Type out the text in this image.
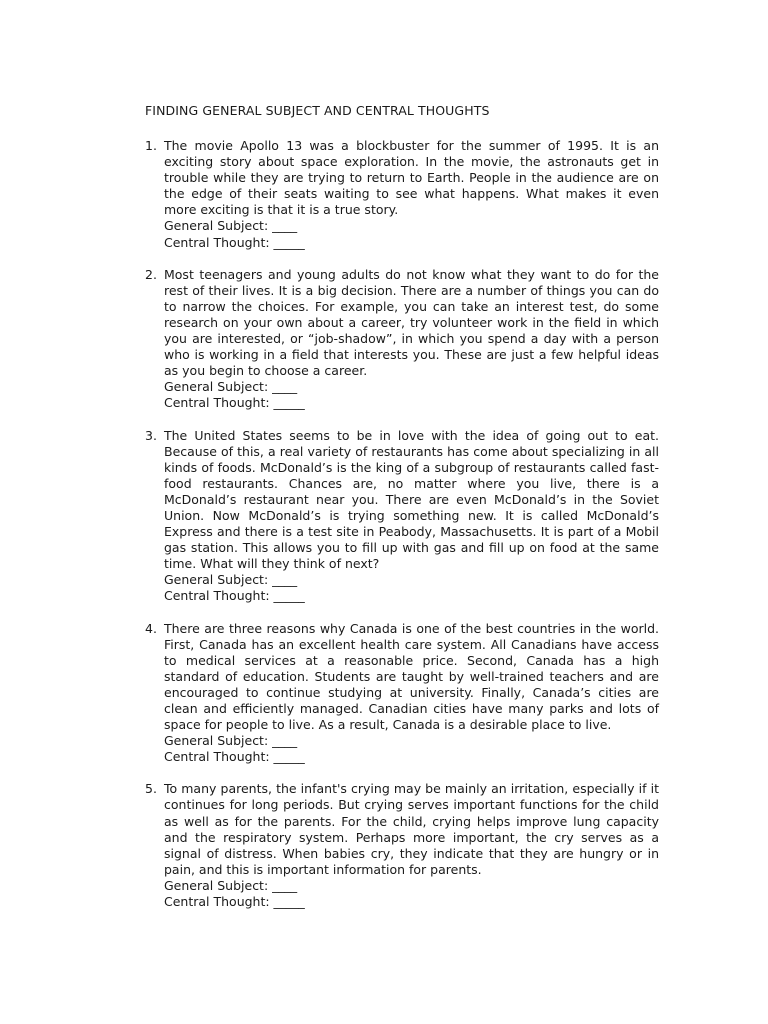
FINDING GENERAL SUBJECT AND CENTRAL THOUGHTS
1. The movie Apollo 13 was a blockbuster for the summer of 1995. It is an exciting story about space exploration. In the movie, the astronauts get in trouble while they are trying to return to Earth. People in the audience are on the edge of their seats waiting to see what happens. What makes it even more exciting is that it is a true story.

General Subject: ____

Central Thought: _____

2. Most teenagers and young adults do not know what they want to do for the rest of their lives. It is a big decision. There are a number of things you can do to narrow the choices. For example, you can take an interest test, do some research on your own about a career, try volunteer work in the field in which you are interested, or “job-shadow”, in which you spend a day with a person who is working in a field that interests you. These are just a few helpful ideas as you begin to choose a career.

General Subject: ____

Central Thought: _____

3. The United States seems to be in love with the idea of going out to eat. Because of this, a real variety of restaurants has come about specializing in all kinds of foods. McDonald’s is the king of a subgroup of restaurants called fast-food restaurants. Chances are, no matter where you live, there is a McDonald’s restaurant near you. There are even McDonald’s in the Soviet Union. Now McDonald’s is trying something new. It is called McDonald’s Express and there is a test site in Peabody, Massachusetts. It is part of a Mobil gas station. This allows you to fill up with gas and fill up on food at the same time. What will they think of next?

General Subject: ____

Central Thought: _____

4. There are three reasons why Canada is one of the best countries in the world. First, Canada has an excellent health care system. All Canadians have access to medical services at a reasonable price. Second, Canada has a high standard of education. Students are taught by well-trained teachers and are encouraged to continue studying at university. Finally, Canada’s cities are clean and efficiently managed. Canadian cities have many parks and lots of space for people to live. As a result, Canada is a desirable place to live.

General Subject: ____

Central Thought: _____

5. To many parents, the infant's crying may be mainly an irritation, especially if it continues for long periods. But crying serves important functions for the child as well as for the parents. For the child, crying helps improve lung capacity and the respiratory system. Perhaps more important, the cry serves as a signal of distress. When babies cry, they indicate that they are hungry or in pain, and this is important information for parents.

General Subject: ____

Central Thought: _____
